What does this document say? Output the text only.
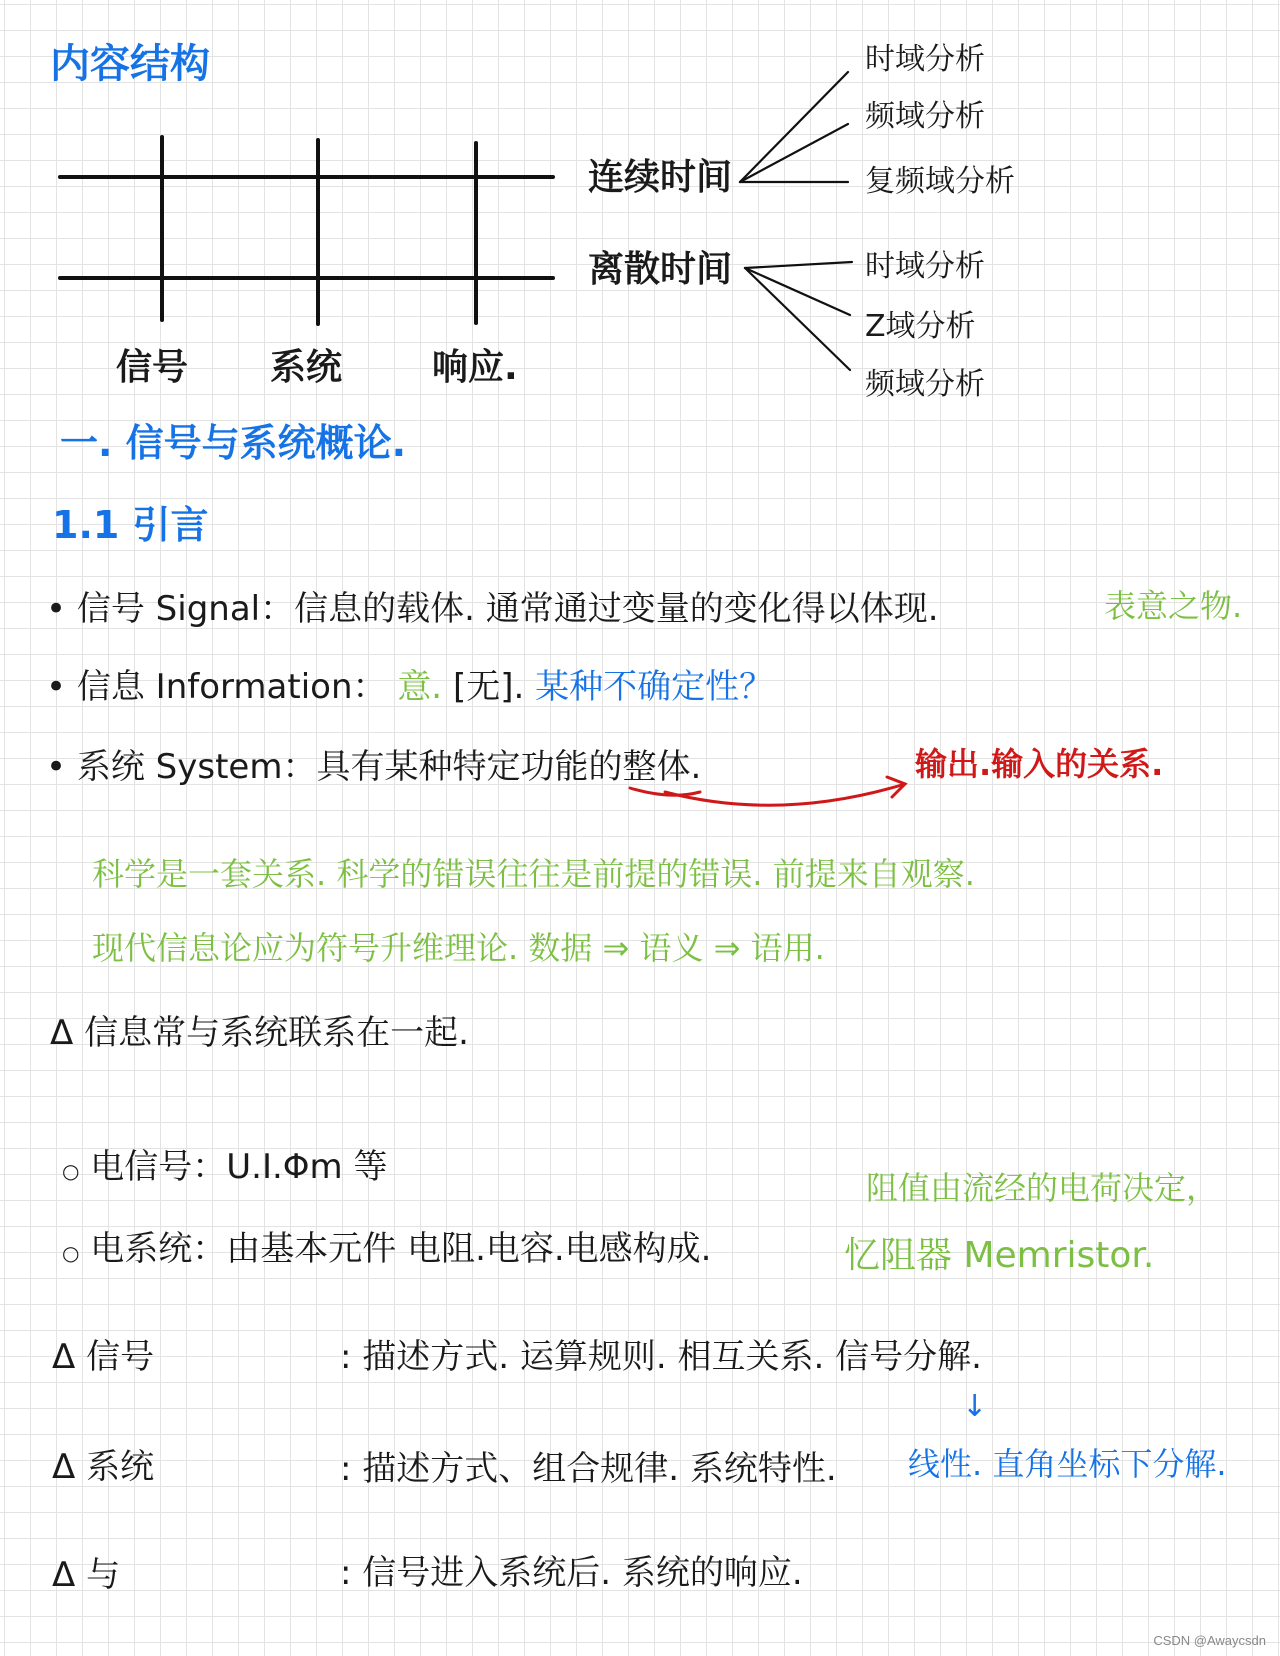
内容结构
连续时间
离散时间
时域分析
频域分析
复频域分析
时域分析
Z域分析
频域分析
信号 系统 响应.
一. 信号与系统概论.
1.1 引言
• 信号 Signal：信息的载体. 通常通过变量的变化得以体现.	表意之物.
• 信息 Information： 意. [无]. 某种不确定性？
• 系统 System：具有某种特定功能的整体.	输出.输入的关系.
科学是一套关系. 科学的错误往往是前提的错误. 前提来自观察.
现代信息论应为符号升维理论. 数据 ⇒ 语义 ⇒ 语用.
Δ 信息常与系统联系在一起.
○ 电信号：U.I.Φm 等
○ 电系统：由基本元件 电阻.电容.电感构成.
阻值由流经的电荷决定，
忆阻器 Memristor.
Δ 信号	: 描述方式. 运算规则. 相互关系. 信号分解.
↓
Δ 系统	: 描述方式、组合规律. 系统特性. 线性. 直角坐标下分解.
Δ 与	: 信号进入系统后. 系统的响应.
CSDN @Awaycsdn
